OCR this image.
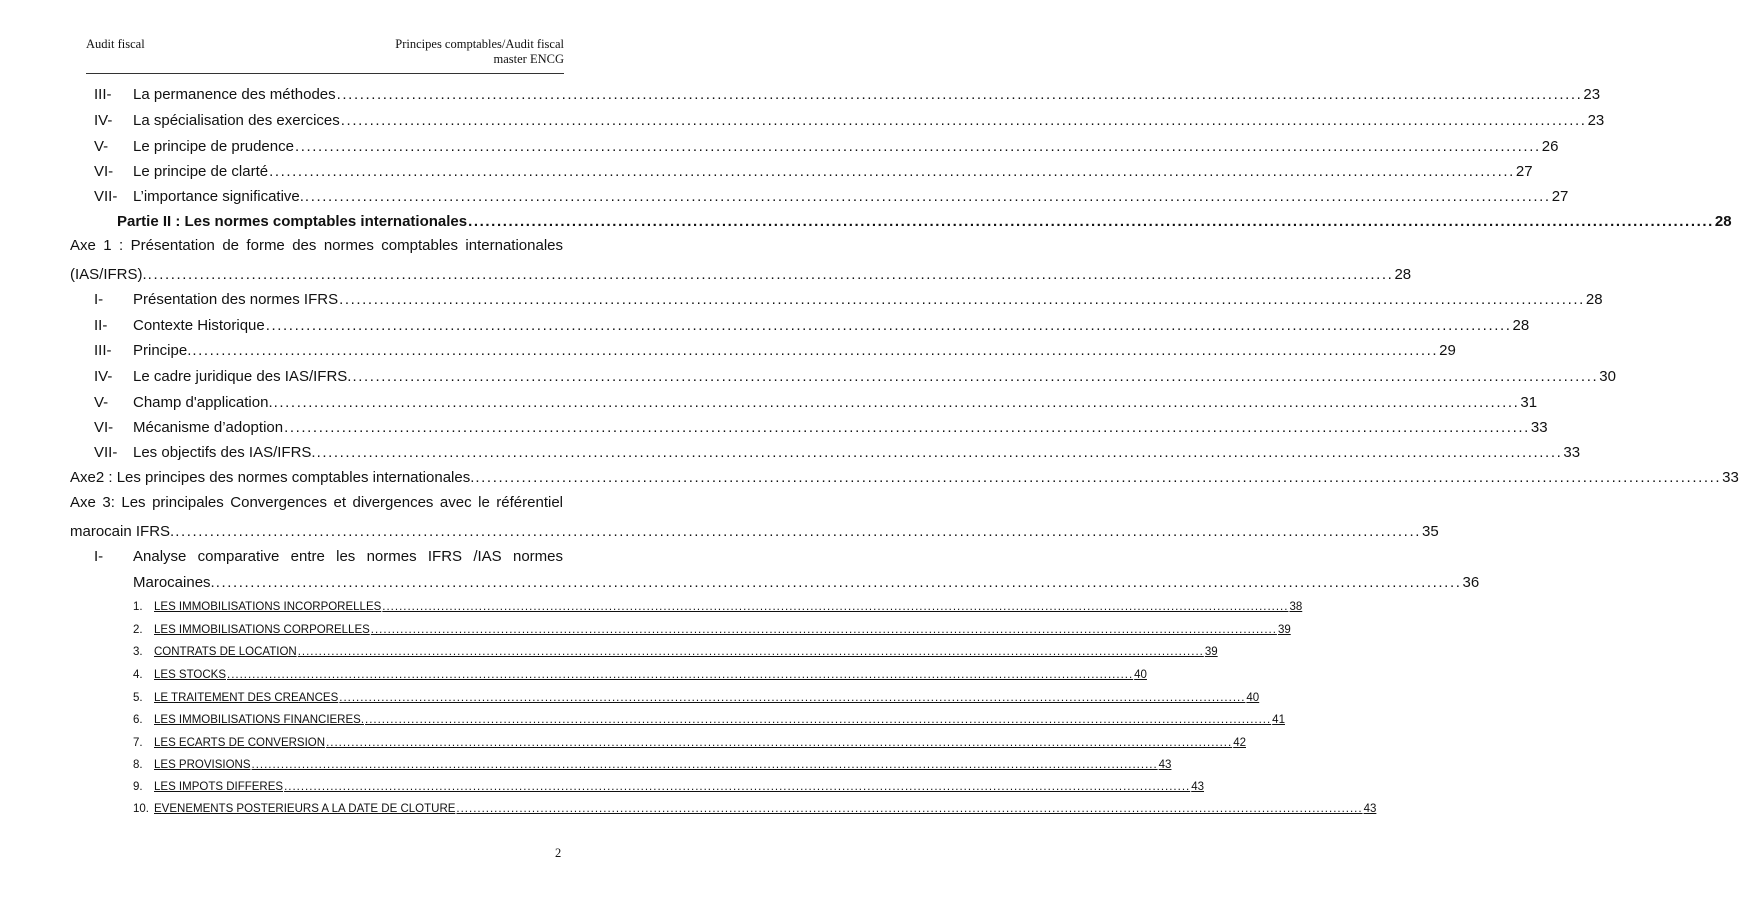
Audit fiscal	Principes comptables/Audit fiscal
master ENCG
III-	La permanence des méthodes .....	23
IV-	La spécialisation des exercices .....	23
V-	Le principe de prudence .....	26
VI-	Le principe de clarté .....	27
VII-	L’importance significative. .....	27
Partie II : Les normes comptables internationales .....	28
Axe 1 : Présentation de forme des normes comptables internationales
(IAS/IFRS). .....	28
I-	Présentation des normes IFRS .....	28
II-	Contexte Historique .....	28
III-	Principe. .....	29
IV-	Le cadre juridique des IAS/IFRS. .....	30
V-	Champ d'application. .....	31
VI-	Mécanisme d’adoption .....	33
VII-	Les objectifs des IAS/IFRS. .....	33
Axe2 : Les principes des normes comptables internationales. .....	33
Axe 3: Les principales Convergences et divergences avec le référentiel
marocain IFRS. .....	35
I-	Analyse comparative entre les normes IFRS /IAS normes
Marocaines. .....	36
1. LES IMMOBILISATIONS INCORPORELLES .....	38
2. LES IMMOBILISATIONS CORPORELLES .....	39
3. CONTRATS DE LOCATION .....	39
4. LES STOCKS .....	40
5. LE TRAITEMENT DES CREANCES .....	40
6. LES IMMOBILISATIONS FINANCIERES. .....	41
7. LES ECARTS DE CONVERSION .....	42
8. LES PROVISIONS .....	43
9. LES IMPOTS DIFFERES .....	43
10. EVENEMENTS POSTERIEURS A LA DATE DE CLOTURE .....	43
2
